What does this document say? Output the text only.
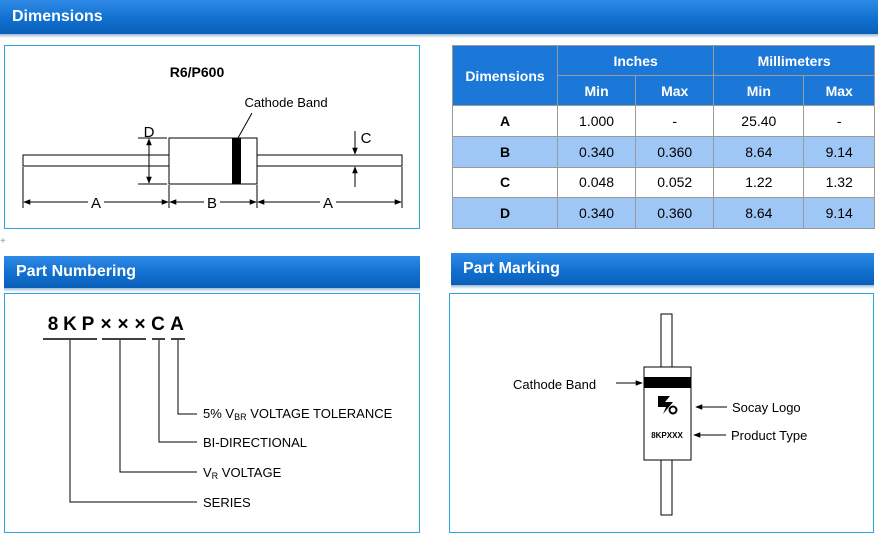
Dimensions
R6/P600
Cathode Band
D	C
A	B	A
Dimensions	Inches		Millimeters	
	Min	Max	Min	Max
A	1.000	-	25.40	-
B	0.340	0.360	8.64	9.14
C	0.048	0.052	1.22	1.32
D	0.340	0.360	8.64	9.14
+
Part Numbering	Part Marking
8 K P × × × C A
5% VBR VOLTAGE TOLERANCE
BI-DIRECTIONAL
VR VOLTAGE
SERIES
8KPXXX
Cathode Band
Socay Logo
Product Type
